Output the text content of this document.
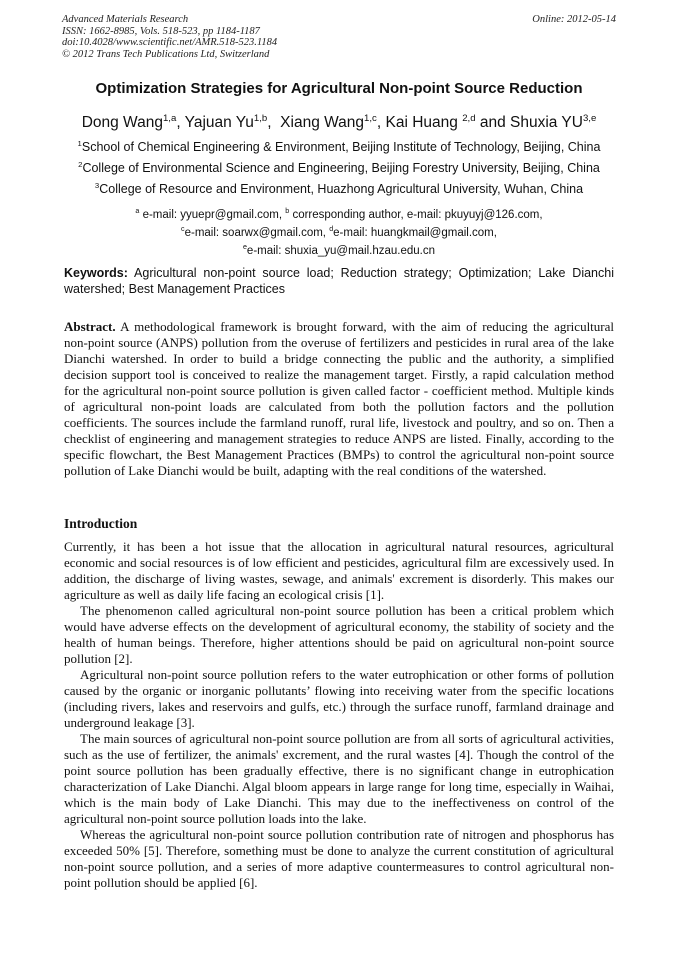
Advanced Materials Research
ISSN: 1662-8985, Vols. 518-523, pp 1184-1187
doi:10.4028/www.scientific.net/AMR.518-523.1184
© 2012 Trans Tech Publications Ltd, Switzerland
Online: 2012-05-14
Optimization Strategies for Agricultural Non-point Source Reduction
Dong Wang$^{1,a}$, Yajuan Yu$^{1,b}$,  Xiang Wang$^{1,c}$, Kai Huang $^{2,d}$ and Shuxia YU$^{3,e}$
$^1$School of Chemical Engineering & Environment, Beijing Institute of Technology, Beijing, China
$^2$College of Environmental Science and Engineering, Beijing Forestry University, Beijing, China
$^3$College of Resource and Environment, Huazhong Agricultural University, Wuhan, China
$^a$ e-mail: yyuepr@gmail.com, $^b$ corresponding author, e-mail: pkuyuyj@126.com,
$^c$e-mail: soarwx@gmail.com, $^d$e-mail: huangkmail@gmail.com,
$^e$e-mail: shuxia_yu@mail.hzau.edu.cn
Keywords: Agricultural non-point source load; Reduction strategy; Optimization; Lake Dianchi watershed; Best Management Practices
Abstract. A methodological framework is brought forward, with the aim of reducing the agricultural non-point source (ANPS) pollution from the overuse of fertilizers and pesticides in rural area of the lake Dianchi watershed. In order to build a bridge connecting the public and the authority, a simplified decision support tool is conceived to realize the management target. Firstly, a rapid calculation method for the agricultural non-point source pollution is given called factor - coefficient method. Multiple kinds of agricultural non-point loads are calculated from both the pollution factors and the pollution coefficients. The sources include the farmland runoff, rural life, livestock and poultry, and so on. Then a checklist of engineering and management strategies to reduce ANPS are listed. Finally, according to the specific flowchart, the Best Management Practices (BMPs) to control the agricultural non-point source pollution of Lake Dianchi would be built, adapting with the real conditions of the watershed.
Introduction

Currently, it has been a hot issue that the allocation in agricultural natural resources, agricultural economic and social resources is of low efficient and pesticides, agricultural film are excessively used. In addition, the discharge of living wastes, sewage, and animals' excrement is disorderly. This makes our agriculture as well as daily life facing an ecological crisis [1].

The phenomenon called agricultural non-point source pollution has been a critical problem which would have adverse effects on the development of agricultural economy, the stability of society and the health of human beings. Therefore, higher attentions should be paid on agricultural non-point source pollution [2].

Agricultural non-point source pollution refers to the water eutrophication or other forms of pollution caused by the organic or inorganic pollutants’ flowing into receiving water from the specific locations (including rivers, lakes and reservoirs and gulfs, etc.) through the surface runoff, farmland drainage and underground leakage [3].

The main sources of agricultural non-point source pollution are from all sorts of agricultural activities, such as the use of fertilizer, the animals' excrement, and the rural wastes [4]. Though the control of the point source pollution has been gradually effective, there is no significant change in eutrophication characterization of Lake Dianchi. Algal bloom appears in large range for long time, especially in Waihai, which is the main body of Lake Dianchi. This may due to the ineffectiveness on control of the agricultural non-point source pollution loads into the lake.

Whereas the agricultural non-point source pollution contribution rate of nitrogen and phosphorus has exceeded 50% [5]. Therefore, something must be done to analyze the current constitution of agricultural non-point source pollution, and a series of more adaptive countermeasures to control agricultural non-point pollution should be applied [6].
